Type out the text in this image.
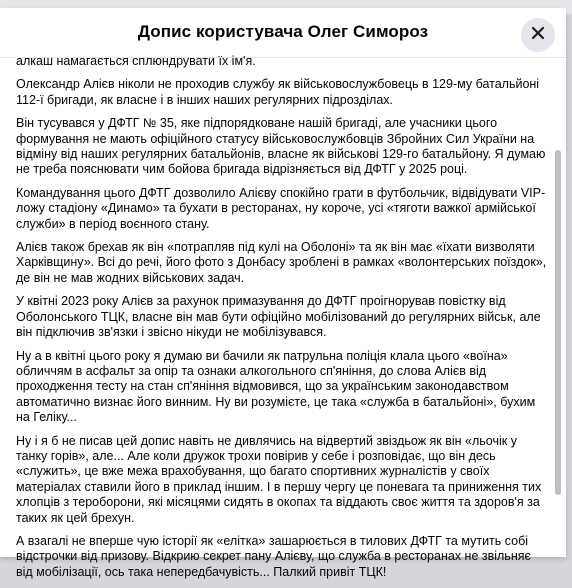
Допис користувача Олег Симороз

алкаш намагається сплюндрувати їх ім'я.

Олександр Алієв ніколи не проходив службу як військовослужбовець в 129-му батальйоні 112-ї бригади, як власне і в інших наших регулярних підрозділах.

Він тусувався у ДФТГ № 35, яке підпорядковане нашій бригаді, але учасники цього формування не мають офіційного статусу військовослужбовців Збройних Сил України на відміну від наших регулярних батальйонів, власне як військові 129-го батальйону. Я думаю не треба пояснювати чим бойова бригада відрізняється від ДФТГ у 2025 році.

Командування цього ДФТГ дозволило Алієву спокійно грати в футбольчик, відвідувати VIP-ложу стадіону «Динамо» та бухати в ресторанах, ну короче, усі «тяготи важкої армійської служби» в період воєнного стану.

Алієв також брехав як він «потрапляв під кулі на Оболоні» та як він має «їхати визволяти Харківщину». Всі до речі, його фото з Донбасу зроблені в рамках «волонтерських поїздок», де він не мав жодних військових задач.

У квітні 2023 року Алієв за рахунок примазування до ДФТГ проігнорував повістку від Оболонського ТЦК, власне він мав бути офіційно мобілізований до регулярних військ, але він підключив зв'язки і звісно нікуди не мобілізувався.

Ну а в квітні цього року я думаю ви бачили як патрульна поліція клала цього «воїна» обличчям в асфальт за опір та ознаки алкогольного сп'яніння, до слова Алієв від проходження тесту на стан сп'яніння відмовився, що за українським законодавством автоматично визнає його винним. Ну ви розумієте, це така «служба в батальйоні», бухим на Гелiку...

Ну і я б не писав цей допис навіть не дивлячись на відвертий звіздьож як він «льочік у танку горів», але... Але коли дружок трохи повірив у себе і розповідає, що він десь «служить», це вже межа врахобування, що багато спортивних журналістів у своїх матеріалах ставили його в приклад іншим. І в першу чергу це поневага та приниження тих хлопців з тероборони, які місяцями сидять в окопах та віддають своє життя та здоров'я за таких як цей брехун.

А взагалі не вперше чую історії як «елітка» зашарюється в тилових ДФТГ та мутить собі відстрочки від призову. Відкрию секрет пану Алієву, що служба в ресторанах не звільняє від мобілізації, ось така непередбачувість... Палкий привіт ТЦК!
